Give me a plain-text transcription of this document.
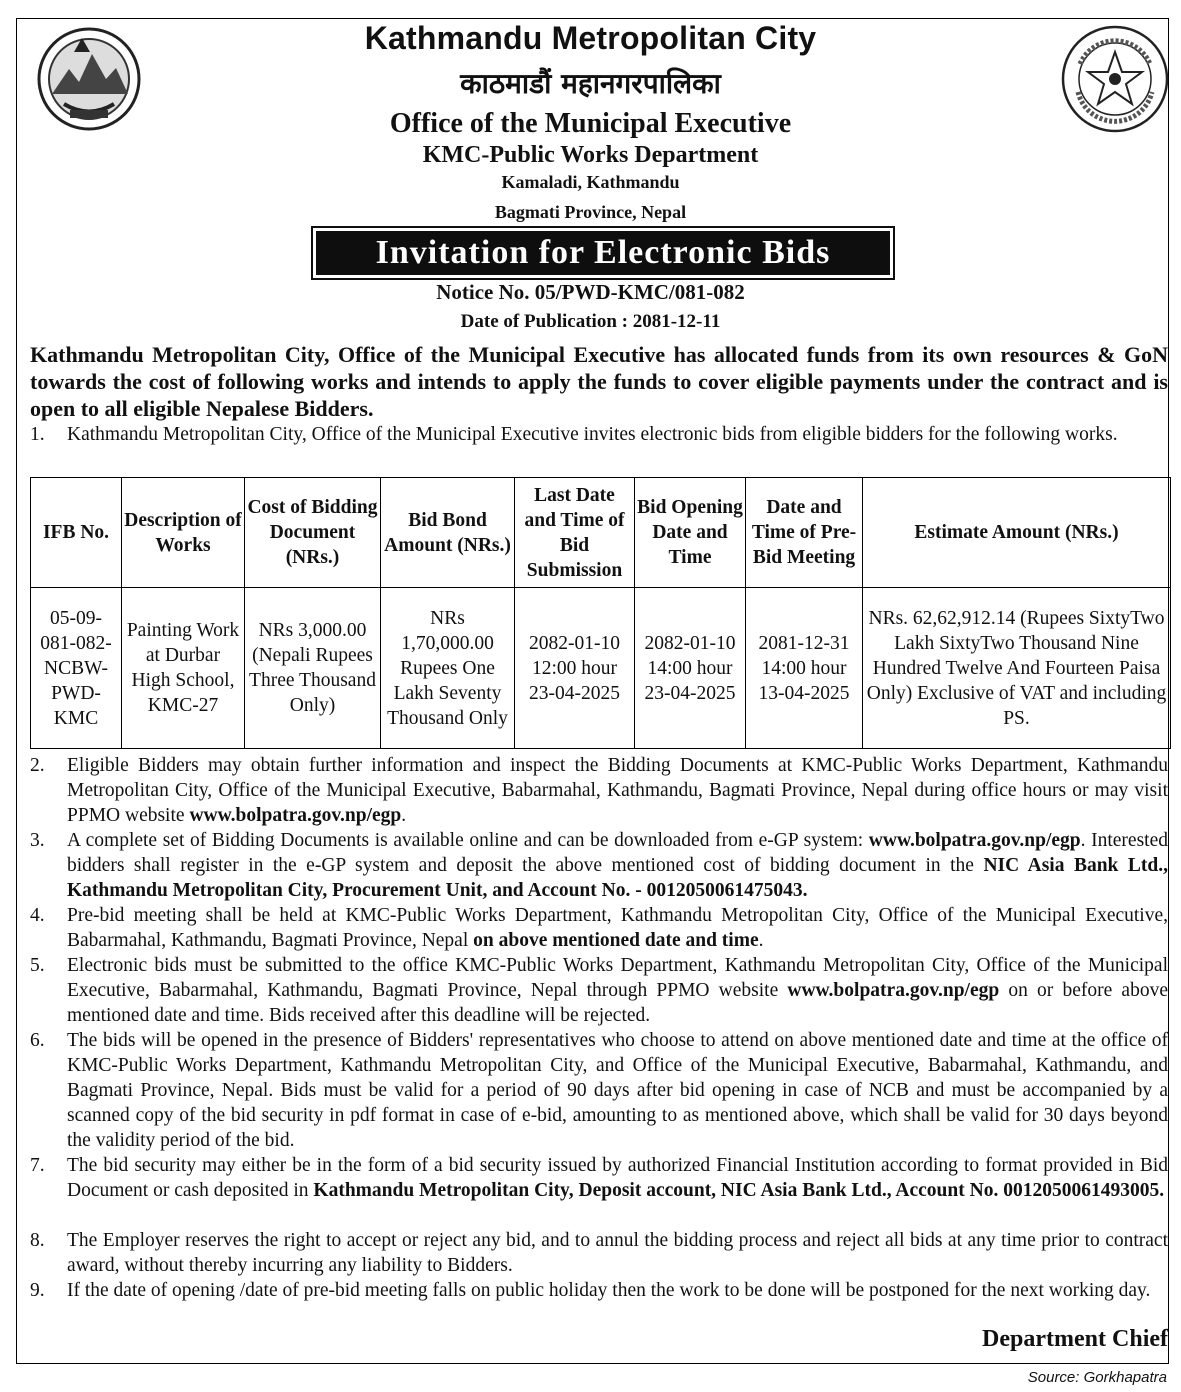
Kathmandu Metropolitan City
काठमाडौं महानगरपालिका
Office of the Municipal Executive
KMC-Public Works Department
Kamaladi, Kathmandu
Bagmati Province, Nepal
Invitation for Electronic Bids
Notice No. 05/PWD-KMC/081-082
Date of Publication : 2081-12-11
Kathmandu Metropolitan City, Office of the Municipal Executive has allocated funds from its own resources & GoN towards the cost of following works and intends to apply the funds to cover eligible payments under the contract and is open to all eligible Nepalese Bidders.
1.	Kathmandu Metropolitan City, Office of the Municipal Executive invites electronic bids from eligible bidders for the following works.
IFB No.	Description of Works	Cost of Bidding Document (NRs.)	Bid Bond Amount (NRs.)	Last Date and Time of Bid Submission	Bid Opening Date and Time	Date and Time of Pre-Bid Meeting	Estimate Amount (NRs.)
05-09-081-082-NCBW-PWD-KMC	Painting Work at Durbar High School, KMC-27	NRs 3,000.00 (Nepali Rupees Three Thousand Only)	NRs 1,70,000.00 Rupees One Lakh Seventy Thousand Only	2082-01-10 12:00 hour 23-04-2025	2082-01-10 14:00 hour 23-04-2025	2081-12-31 14:00 hour 13-04-2025	NRs. 62,62,912.14 (Rupees SixtyTwo Lakh SixtyTwo Thousand Nine Hundred Twelve And Fourteen Paisa Only) Exclusive of VAT and including PS.
2.	Eligible Bidders may obtain further information and inspect the Bidding Documents at KMC-Public Works Department, Kathmandu Metropolitan City, Office of the Municipal Executive, Babarmahal, Kathmandu, Bagmati Province, Nepal during office hours or may visit PPMO website www.bolpatra.gov.np/egp.
3.	A complete set of Bidding Documents is available online and can be downloaded from e-GP system: www.bolpatra.gov.np/egp. Interested bidders shall register in the e-GP system and deposit the above mentioned cost of bidding document in the NIC Asia Bank Ltd., Kathmandu Metropolitan City, Procurement Unit, and Account No. - 0012050061475043.
4.	Pre-bid meeting shall be held at KMC-Public Works Department, Kathmandu Metropolitan City, Office of the Municipal Executive, Babarmahal, Kathmandu, Bagmati Province, Nepal on above mentioned date and time.
5.	Electronic bids must be submitted to the office KMC-Public Works Department, Kathmandu Metropolitan City, Office of the Municipal Executive, Babarmahal, Kathmandu, Bagmati Province, Nepal through PPMO website www.bolpatra.gov.np/egp on or before above mentioned date and time. Bids received after this deadline will be rejected.
6.	The bids will be opened in the presence of Bidders' representatives who choose to attend on above mentioned date and time at the office of KMC-Public Works Department, Kathmandu Metropolitan City, and Office of the Municipal Executive, Babarmahal, Kathmandu, and Bagmati Province, Nepal. Bids must be valid for a period of 90 days after bid opening in case of NCB and must be accompanied by a scanned copy of the bid security in pdf format in case of e-bid, amounting to as mentioned above, which shall be valid for 30 days beyond the validity period of the bid.
7.	The bid security may either be in the form of a bid security issued by authorized Financial Institution according to format provided in Bid Document or cash deposited in Kathmandu Metropolitan City, Deposit account, NIC Asia Bank Ltd., Account No. 0012050061493005.
8.	The Employer reserves the right to accept or reject any bid, and to annul the bidding process and reject all bids at any time prior to contract award, without thereby incurring any liability to Bidders.
9.	If the date of opening /date of pre-bid meeting falls on public holiday then the work to be done will be postponed for the next working day.
Department Chief
Source: Gorkhapatra
